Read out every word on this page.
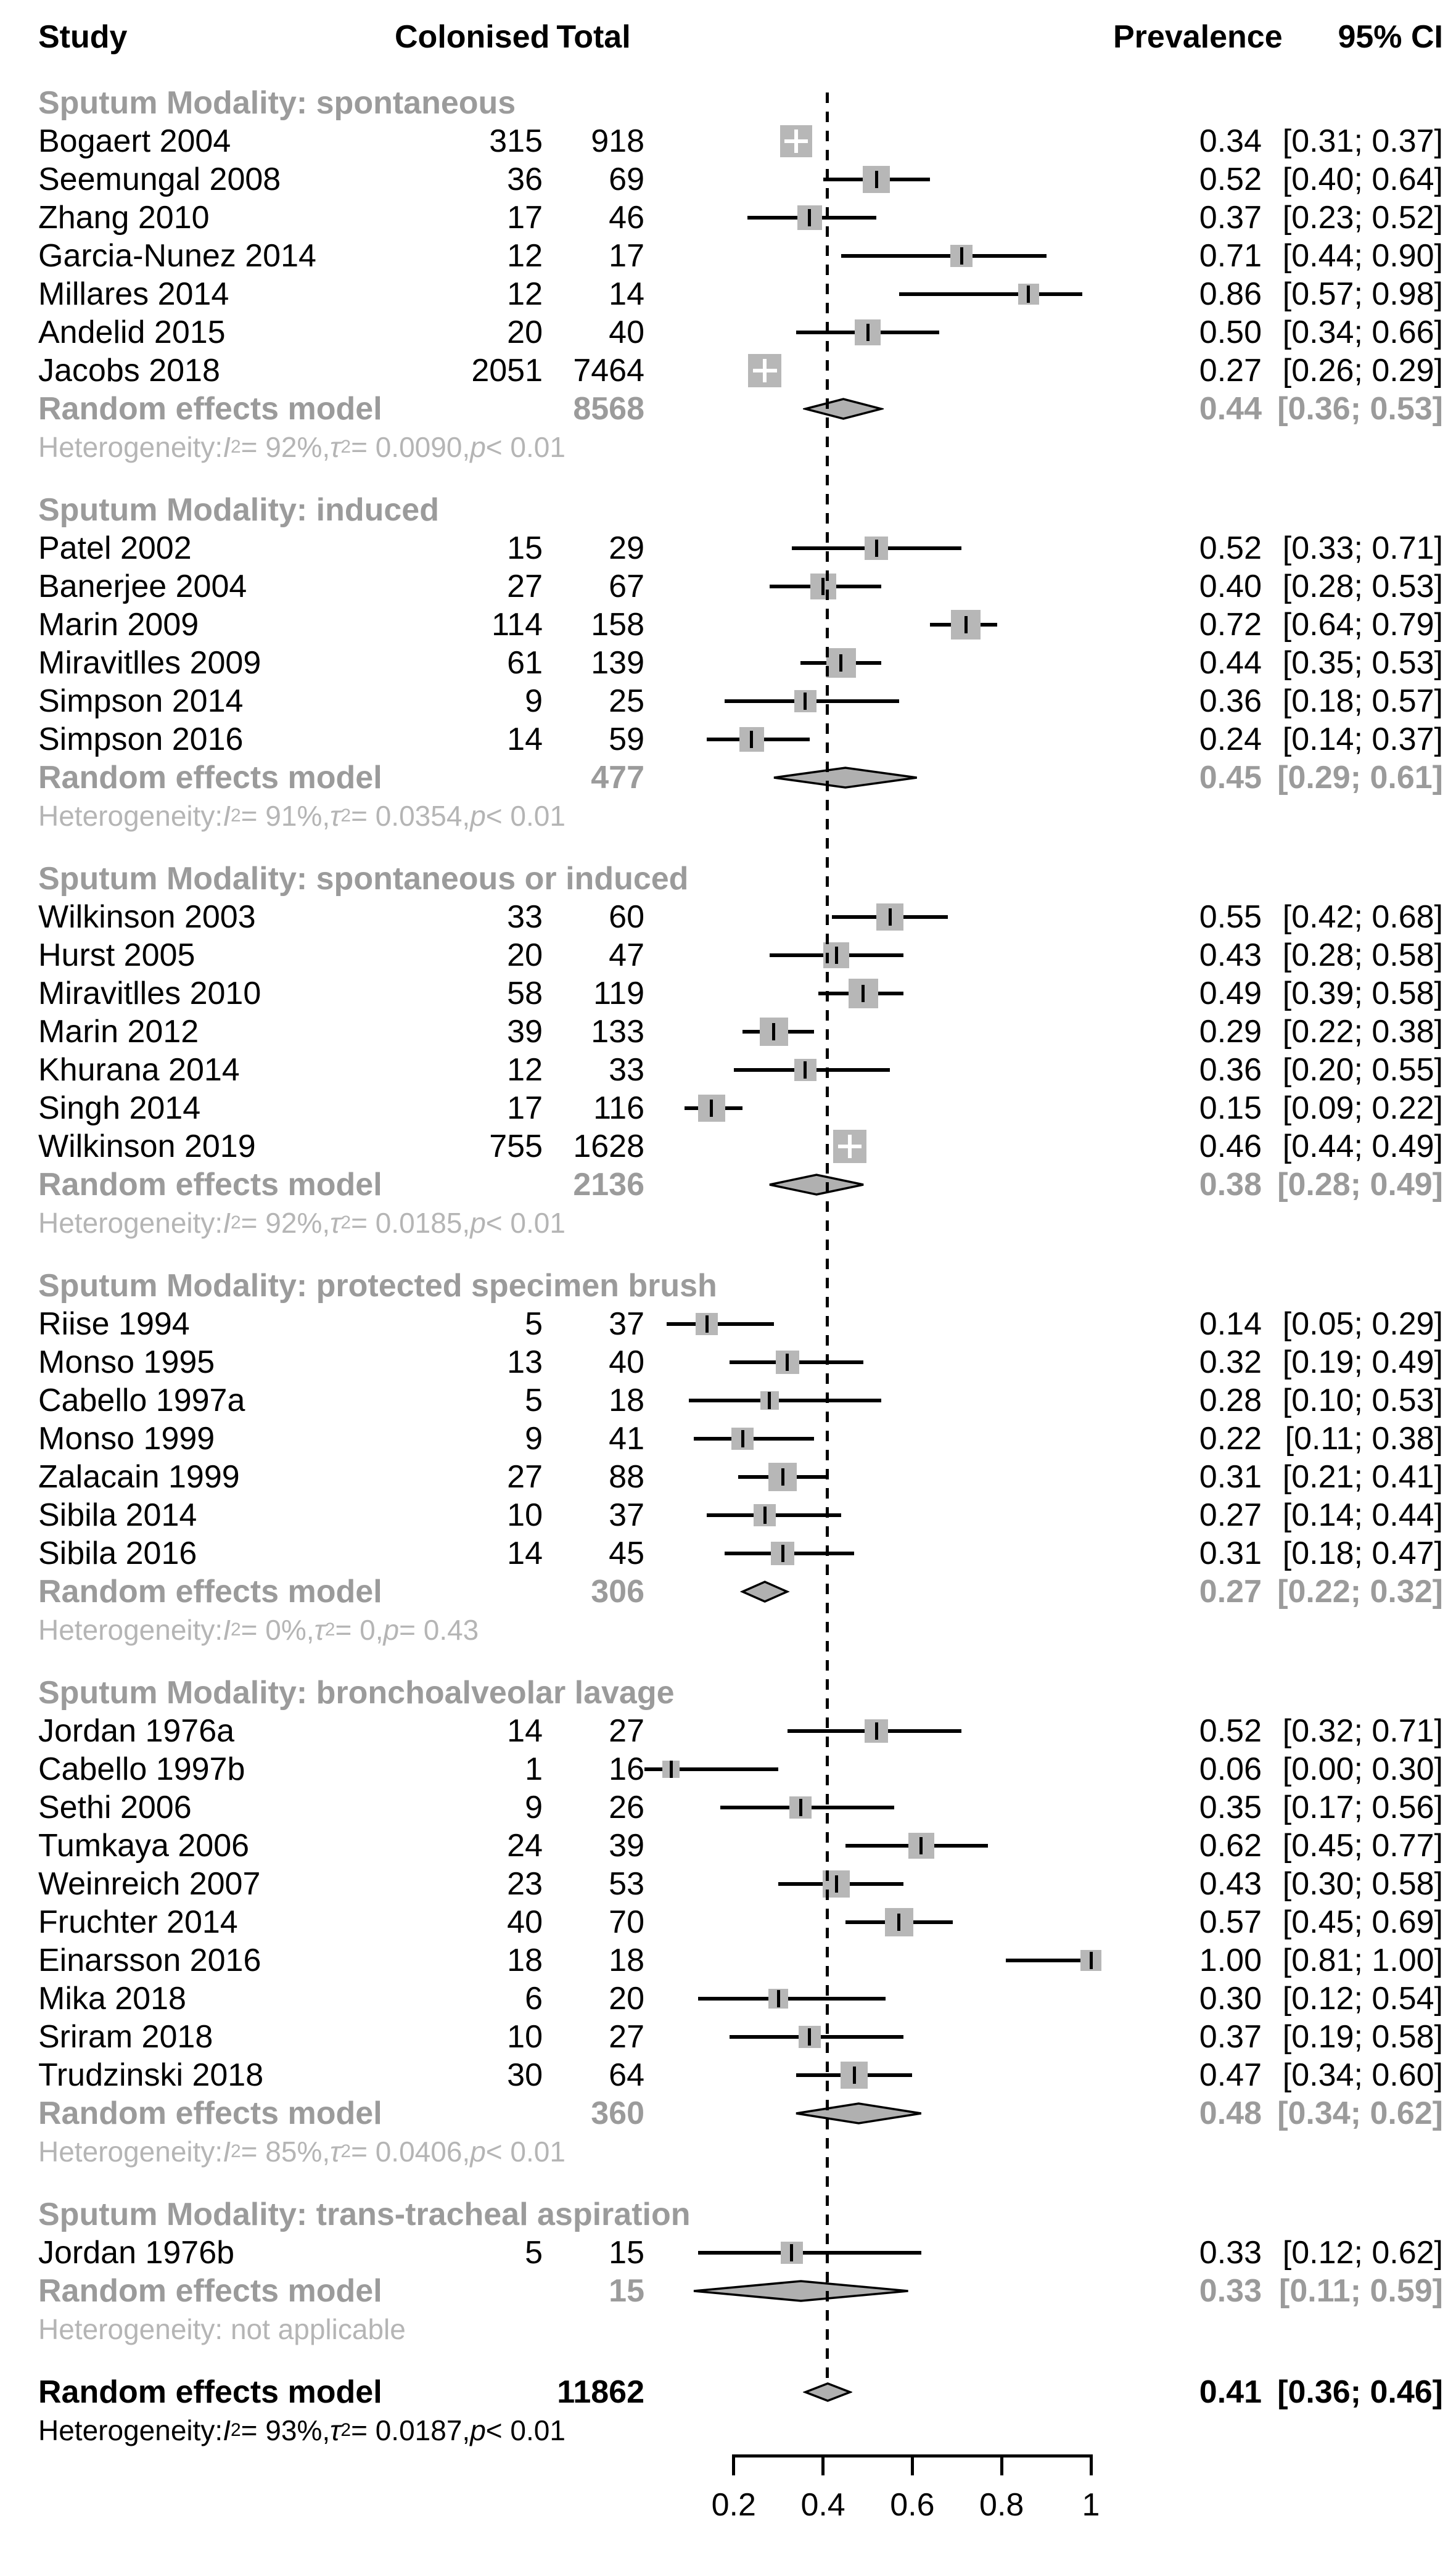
Study	Colonised Total	Prevalence	95% CI
Sputum Modality: spontaneous
Bogaert 2004	315	918	0.34 [0.31; 0.37]
Seemungal 2008	36	69	0.52 [0.40; 0.64]
Zhang 2010	17	46	0.37 [0.23; 0.52]
Garcia-Nunez 2014	12	17	0.71 [0.44; 0.90]
Millares 2014	12	14	0.86 [0.57; 0.98]
Andelid 2015	20	40	0.50 [0.34; 0.66]
Jacobs 2018	2051 7464	0.27 [0.26; 0.29]
Random effects model	8568	0.44 [0.36; 0.53]
Heterogeneity: I 2 = 92%, τ 2 = 0.0090, p < 0.01
Sputum Modality: induced
Patel 2002	15	29	0.52 [0.33; 0.71]
Banerjee 2004	27	67	0.40 [0.28; 0.53]
Marin 2009	114	158	0.72 [0.64; 0.79]
Miravitlles 2009	61	139	0.44 [0.35; 0.53]
Simpson 2014	9	25	0.36 [0.18; 0.57]
Simpson 2016	14	59	0.24 [0.14; 0.37]
Random effects model	477	0.45 [0.29; 0.61]
Heterogeneity: I 2 = 91%, τ 2 = 0.0354, p < 0.01
Sputum Modality: spontaneous or induced
Wilkinson 2003	33	60	0.55 [0.42; 0.68]
Hurst 2005	20	47	0.43 [0.28; 0.58]
Miravitlles 2010	58	119	0.49 [0.39; 0.58]
Marin 2012	39	133	0.29 [0.22; 0.38]
Khurana 2014	12	33	0.36 [0.20; 0.55]
Singh 2014	17	116	0.15 [0.09; 0.22]
Wilkinson 2019	755 1628	0.46 [0.44; 0.49]
Random effects model	2136	0.38 [0.28; 0.49]
Heterogeneity: I 2 = 92%, τ 2 = 0.0185, p < 0.01
Sputum Modality: protected specimen brush
Riise 1994	5	37	0.14 [0.05; 0.29]
Monso 1995	13	40	0.32 [0.19; 0.49]
Cabello 1997a	5	18	0.28 [0.10; 0.53]
Monso 1999	9	41	0.22 [0.11; 0.38]
Zalacain 1999	27	88	0.31 [0.21; 0.41]
Sibila 2014	10	37	0.27 [0.14; 0.44]
Sibila 2016	14	45	0.31 [0.18; 0.47]
Random effects model	306	0.27 [0.22; 0.32]
Heterogeneity: I 2 = 0%, τ 2 = 0, p = 0.43
Sputum Modality: bronchoalveolar lavage
Jordan 1976a	14	27	0.52 [0.32; 0.71]
Cabello 1997b	1	16	0.06 [0.00; 0.30]
Sethi 2006	9	26	0.35 [0.17; 0.56]
Tumkaya 2006	24	39	0.62 [0.45; 0.77]
Weinreich 2007	23	53	0.43 [0.30; 0.58]
Fruchter 2014	40	70	0.57 [0.45; 0.69]
Einarsson 2016	18	18	1.00 [0.81; 1.00]
Mika 2018	6	20	0.30 [0.12; 0.54]
Sriram 2018	10	27	0.37 [0.19; 0.58]
Trudzinski 2018	30	64	0.47 [0.34; 0.60]
Random effects model	360	0.48 [0.34; 0.62]
Heterogeneity: I 2 = 85%, τ 2 = 0.0406, p < 0.01
Sputum Modality: trans-tracheal aspiration
Jordan 1976b	5	15	0.33 [0.12; 0.62]
Random effects model	15	0.33 [0.11; 0.59]
Heterogeneity: not applicable
Random effects model	11862	0.41 [0.36; 0.46]
Heterogeneity: I 2 = 93%, τ 2 = 0.0187, p < 0.01
0.2	0.4	0.6	0.8	1
